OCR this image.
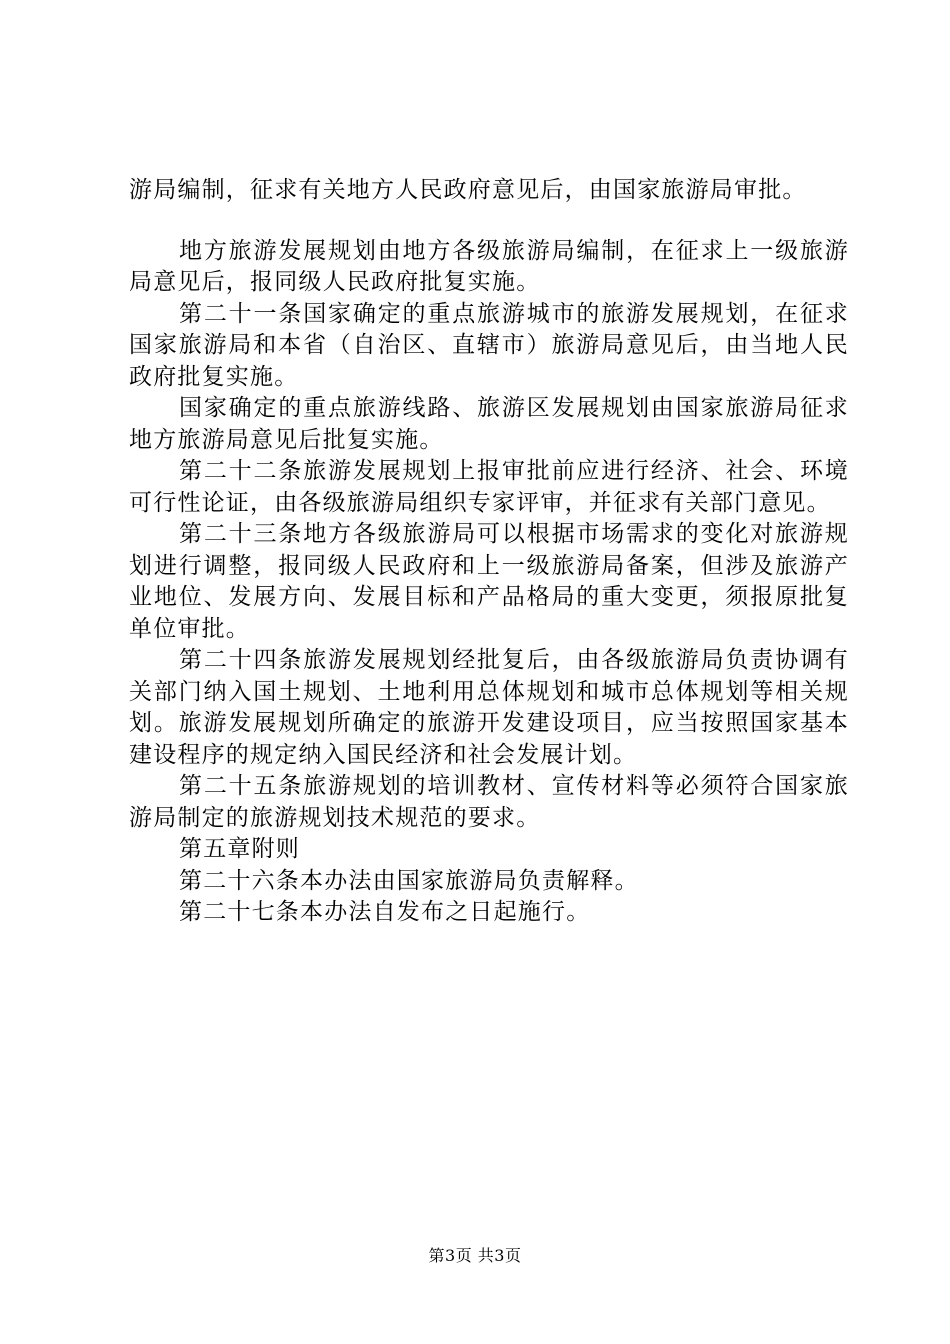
游局编制，征求有关地方人民政府意见后，由国家旅游局审批。

地方旅游发展规划由地方各级旅游局编制，在征求上一级旅游局意见后，报同级人民政府批复实施。

第二十一条国家确定的重点旅游城市的旅游发展规划，在征求国家旅游局和本省（自治区、直辖市）旅游局意见后，由当地人民政府批复实施。

国家确定的重点旅游线路、旅游区发展规划由国家旅游局征求地方旅游局意见后批复实施。

第二十二条旅游发展规划上报审批前应进行经济、社会、环境可行性论证，由各级旅游局组织专家评审，并征求有关部门意见。

第二十三条地方各级旅游局可以根据市场需求的变化对旅游规划进行调整，报同级人民政府和上一级旅游局备案，但涉及旅游产业地位、发展方向、发展目标和产品格局的重大变更，须报原批复单位审批。

第二十四条旅游发展规划经批复后，由各级旅游局负责协调有关部门纳入国土规划、土地利用总体规划和城市总体规划等相关规划。旅游发展规划所确定的旅游开发建设项目，应当按照国家基本建设程序的规定纳入国民经济和社会发展计划。

第二十五条旅游规划的培训教材、宣传材料等必须符合国家旅游局制定的旅游规划技术规范的要求。

第五章附则

第二十六条本办法由国家旅游局负责解释。

第二十七条本办法自发布之日起施行。

第3页 共3页
